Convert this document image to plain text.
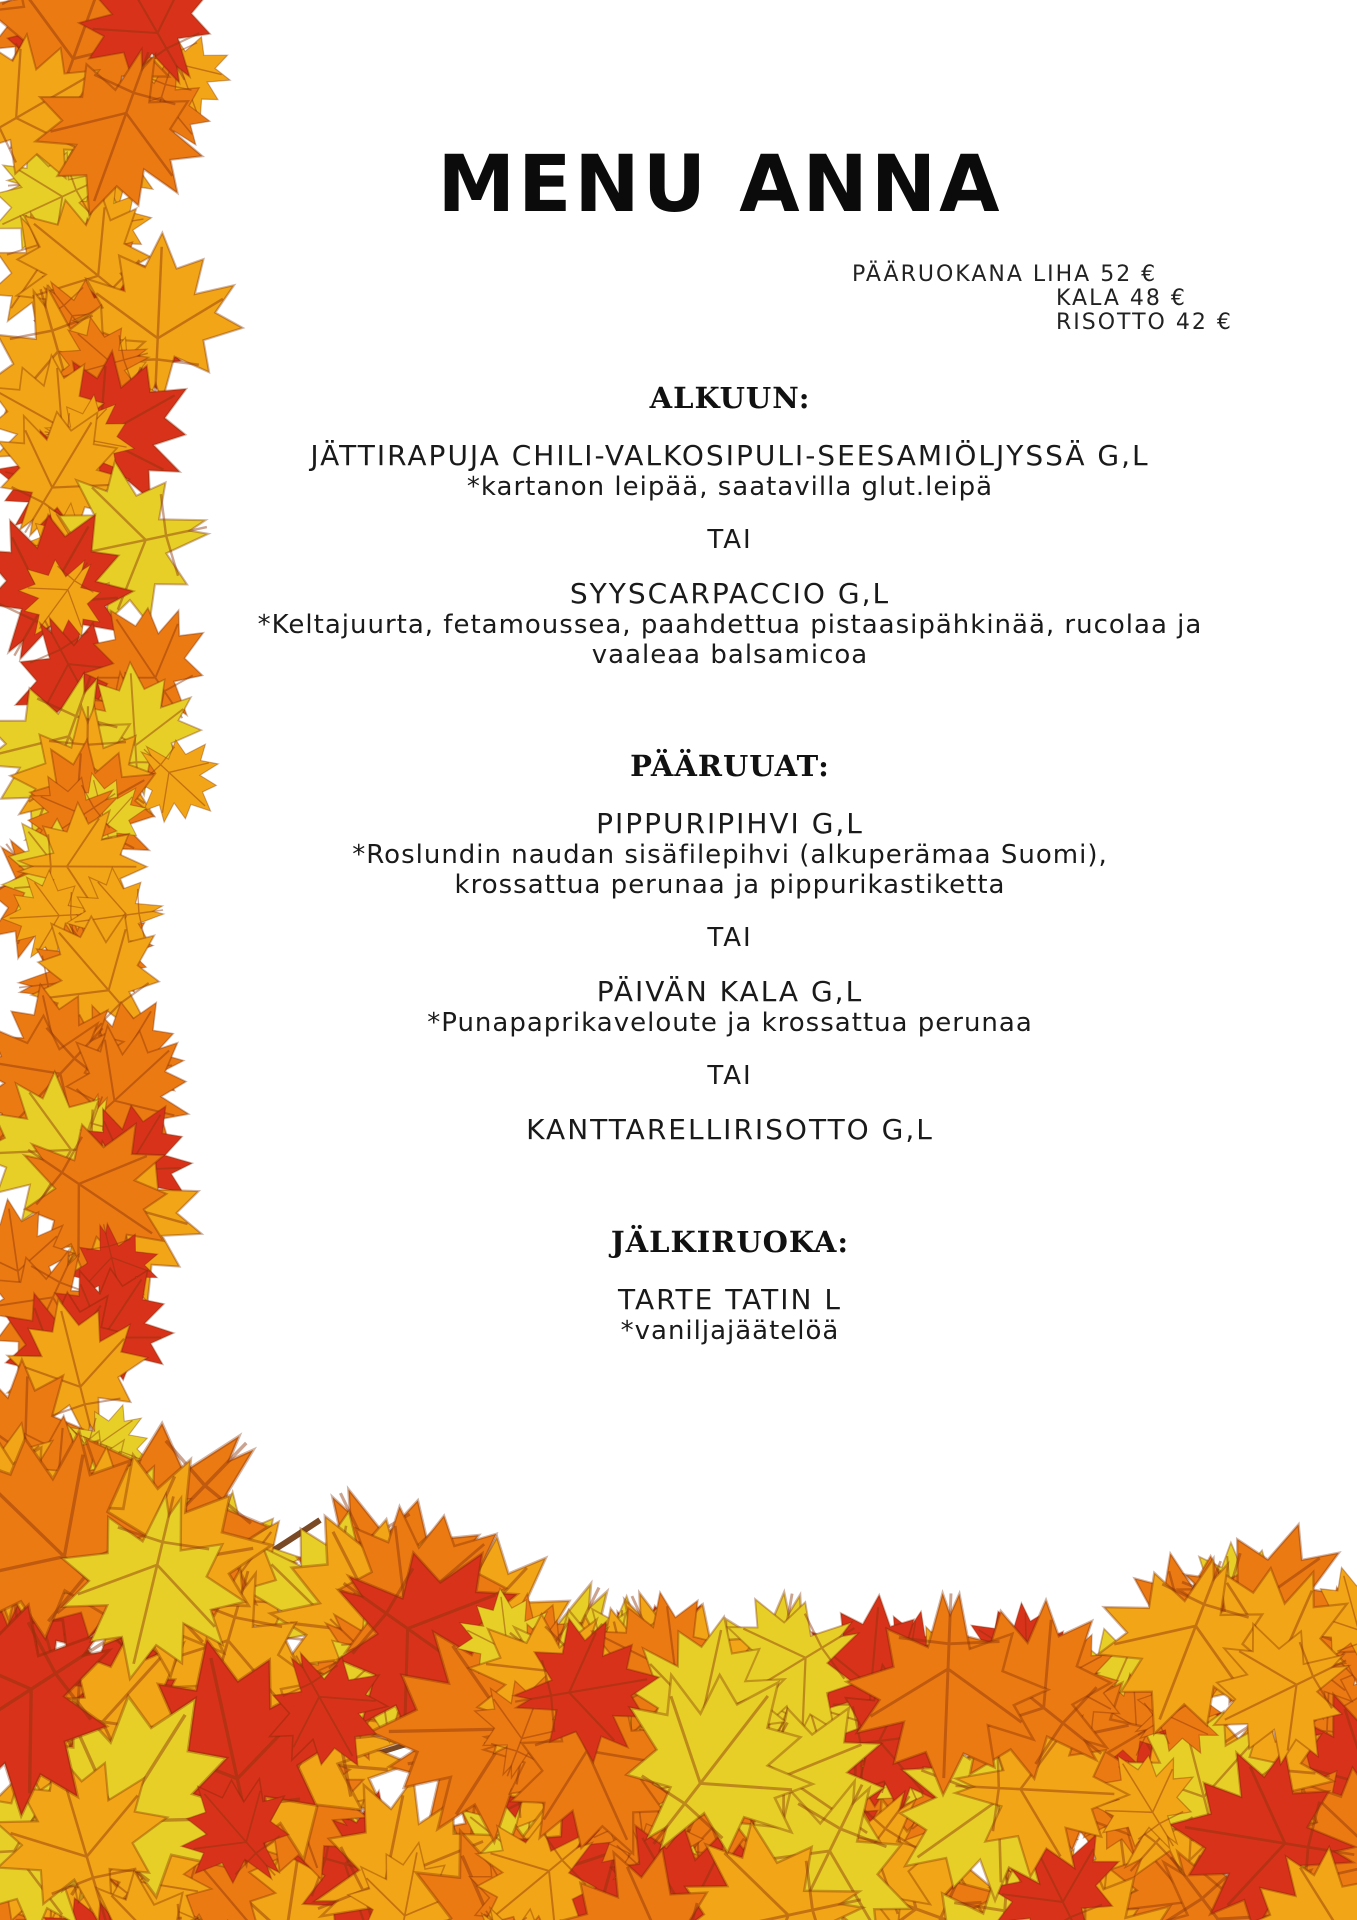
MENU ANNA
PÄÄRUOKANA LIHA 52 €
KALA 48 €
RISOTTO 42 €
ALKUUN:

JÄTTIRAPUJA CHILI-VALKOSIPULI-SEESAMIÖLJYSSÄ G,L

*kartanon leipää, saatavilla glut.leipä

TAI

SYYSCARPACCIO G,L

*Keltajuurta, fetamoussea, paahdettua pistaasipähkinää, rucolaa ja

vaaleaa balsamicoa

PÄÄRUUAT:

PIPPURIPIHVI G,L

*Roslundin naudan sisäfilepihvi (alkuperämaa Suomi),

krossattua perunaa ja pippurikastiketta

TAI

PÄIVÄN KALA G,L

*Punapaprikaveloute ja krossattua perunaa

TAI

KANTTARELLIRISOTTO G,L

JÄLKIRUOKA:

TARTE TATIN L

*vaniljajäätelöä
